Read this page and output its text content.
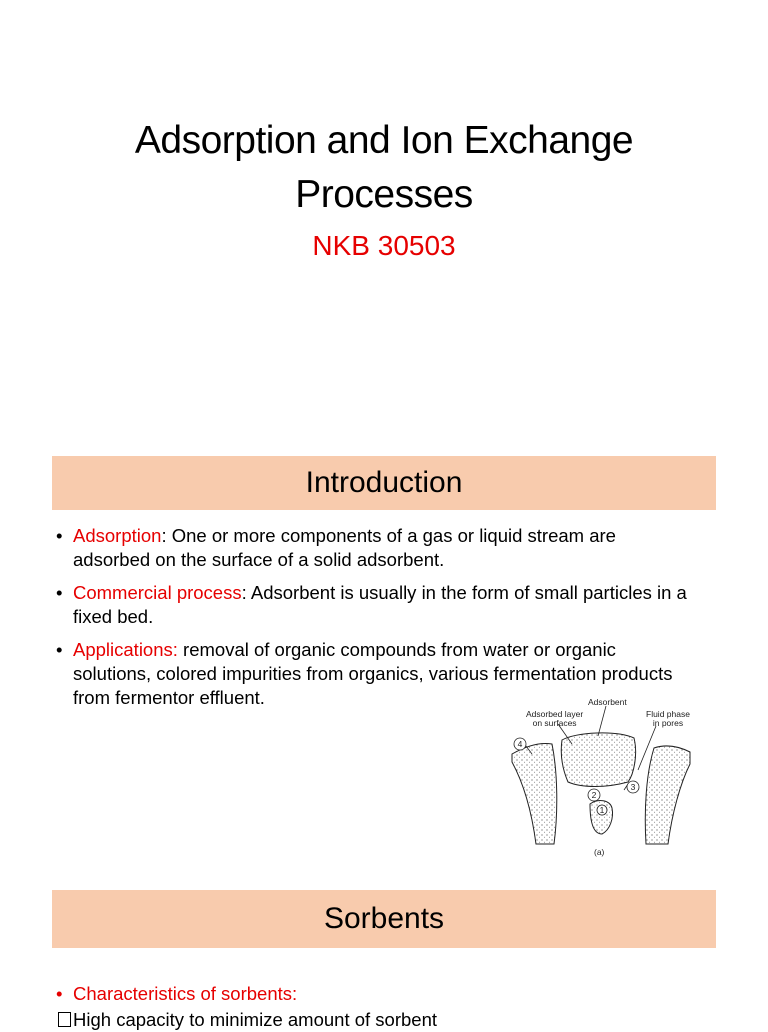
Adsorption and Ion Exchange
Processes
NKB 30503
Introduction
• Adsorption: One or more components of a gas or liquid stream are adsorbed on the surface of a solid adsorbent.
• Commercial process: Adsorbent is usually in the form of small particles in a fixed bed.
• Applications: removal of organic compounds from water or organic solutions, colored impurities from organics, various fermentation products from fermentor effluent.	Adsorbent
Adsorbed layer
on surfaces
Fluid phase
in pores
4
2
3
1
(a)
Sorbents
• Characteristics of sorbents:

High capacity to minimize amount of sorbent
